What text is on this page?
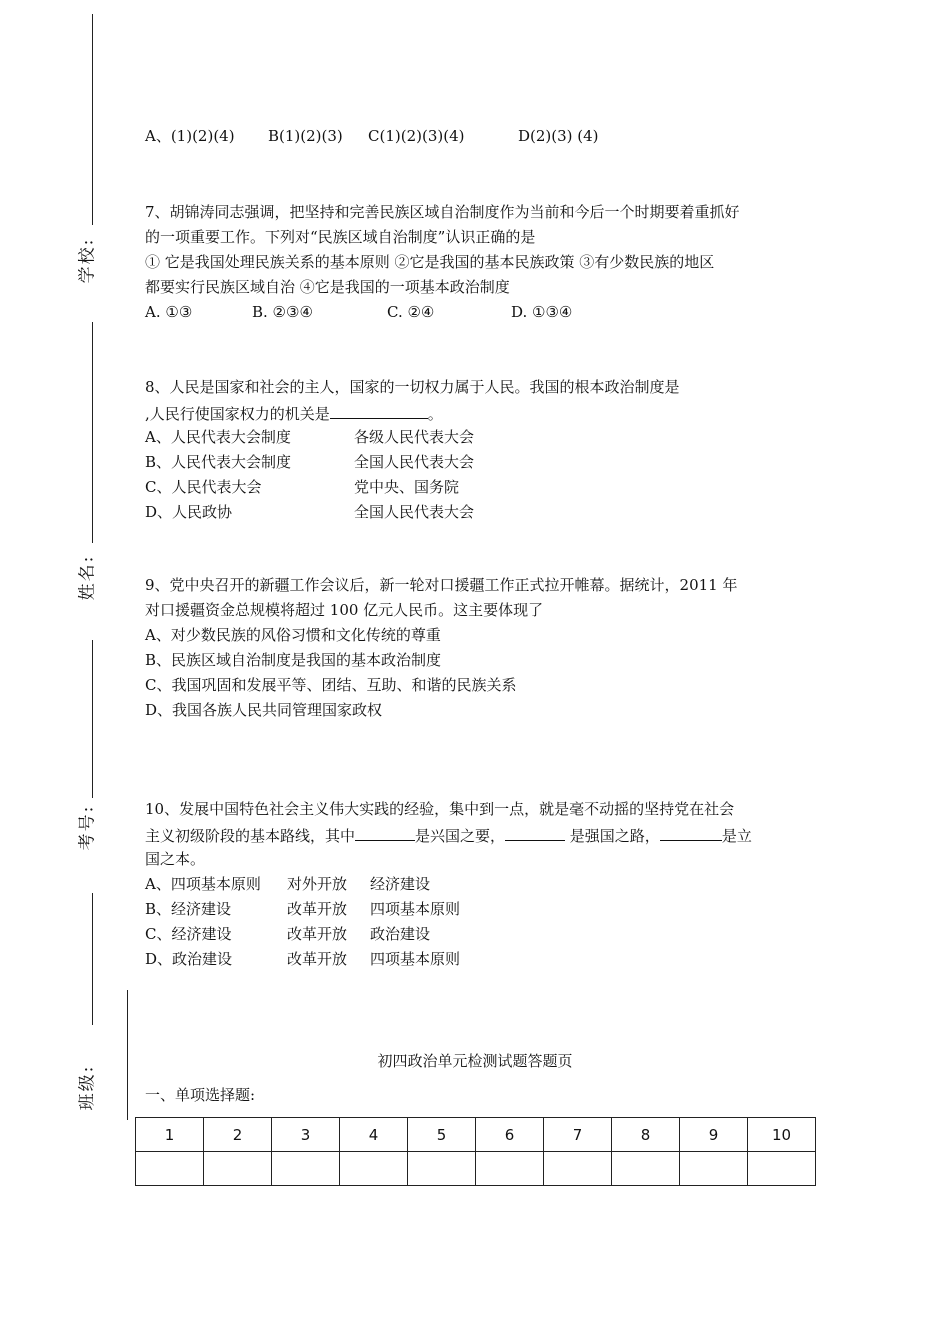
学校:
姓名:
考号:
班级:
A、(1)(2)(4) B(1)(2)(3) C(1)(2)(3)(4)	D(2)(3) (4)
7、胡锦涛同志强调，把坚持和完善民族区域自治制度作为当前和今后一个时期要着重抓好
的一项重要工作。下列对“民族区域自治制度”认识正确的是
① 它是我国处理民族关系的基本原则 ②它是我国的基本民族政策 ③有少数民族的地区
都要实行民族区域自治 ④它是我国的一项基本政治制度
A. ①③	B. ②③④	C. ②④	D. ①③④
8、人民是国家和社会的主人，国家的一切权力属于人民。我国的根本政治制度是
,人民行使国家权力的机关是	。
A、人民代表大会制度	各级人民代表大会
B、人民代表大会制度	全国人民代表大会
C、人民代表大会	党中央、国务院
D、人民政协	全国人民代表大会
9、党中央召开的新疆工作会议后，新一轮对口援疆工作正式拉开帷幕。据统计，2011 年
对口援疆资金总规模将超过 100 亿元人民币。这主要体现了
A、对少数民族的风俗习惯和文化传统的尊重
B、民族区域自治制度是我国的基本政治制度
C、我国巩固和发展平等、团结、互助、和谐的民族关系
D、我国各族人民共同管理国家政权
10、发展中国特色社会主义伟大实践的经验，集中到一点，就是毫不动摇的坚持党在社会
主义初级阶段的基本路线，其中	是兴国之要，	是强国之路，	是立
国之本。
A、四项基本原则 对外开放 经济建设
B、经济建设	改革开放 四项基本原则
C、经济建设	改革开放 政治建设
D、政治建设	改革开放 四项基本原则
初四政治单元检测试题答题页
一、单项选择题:
1	2	3	4	5	6	7	8	9	10
